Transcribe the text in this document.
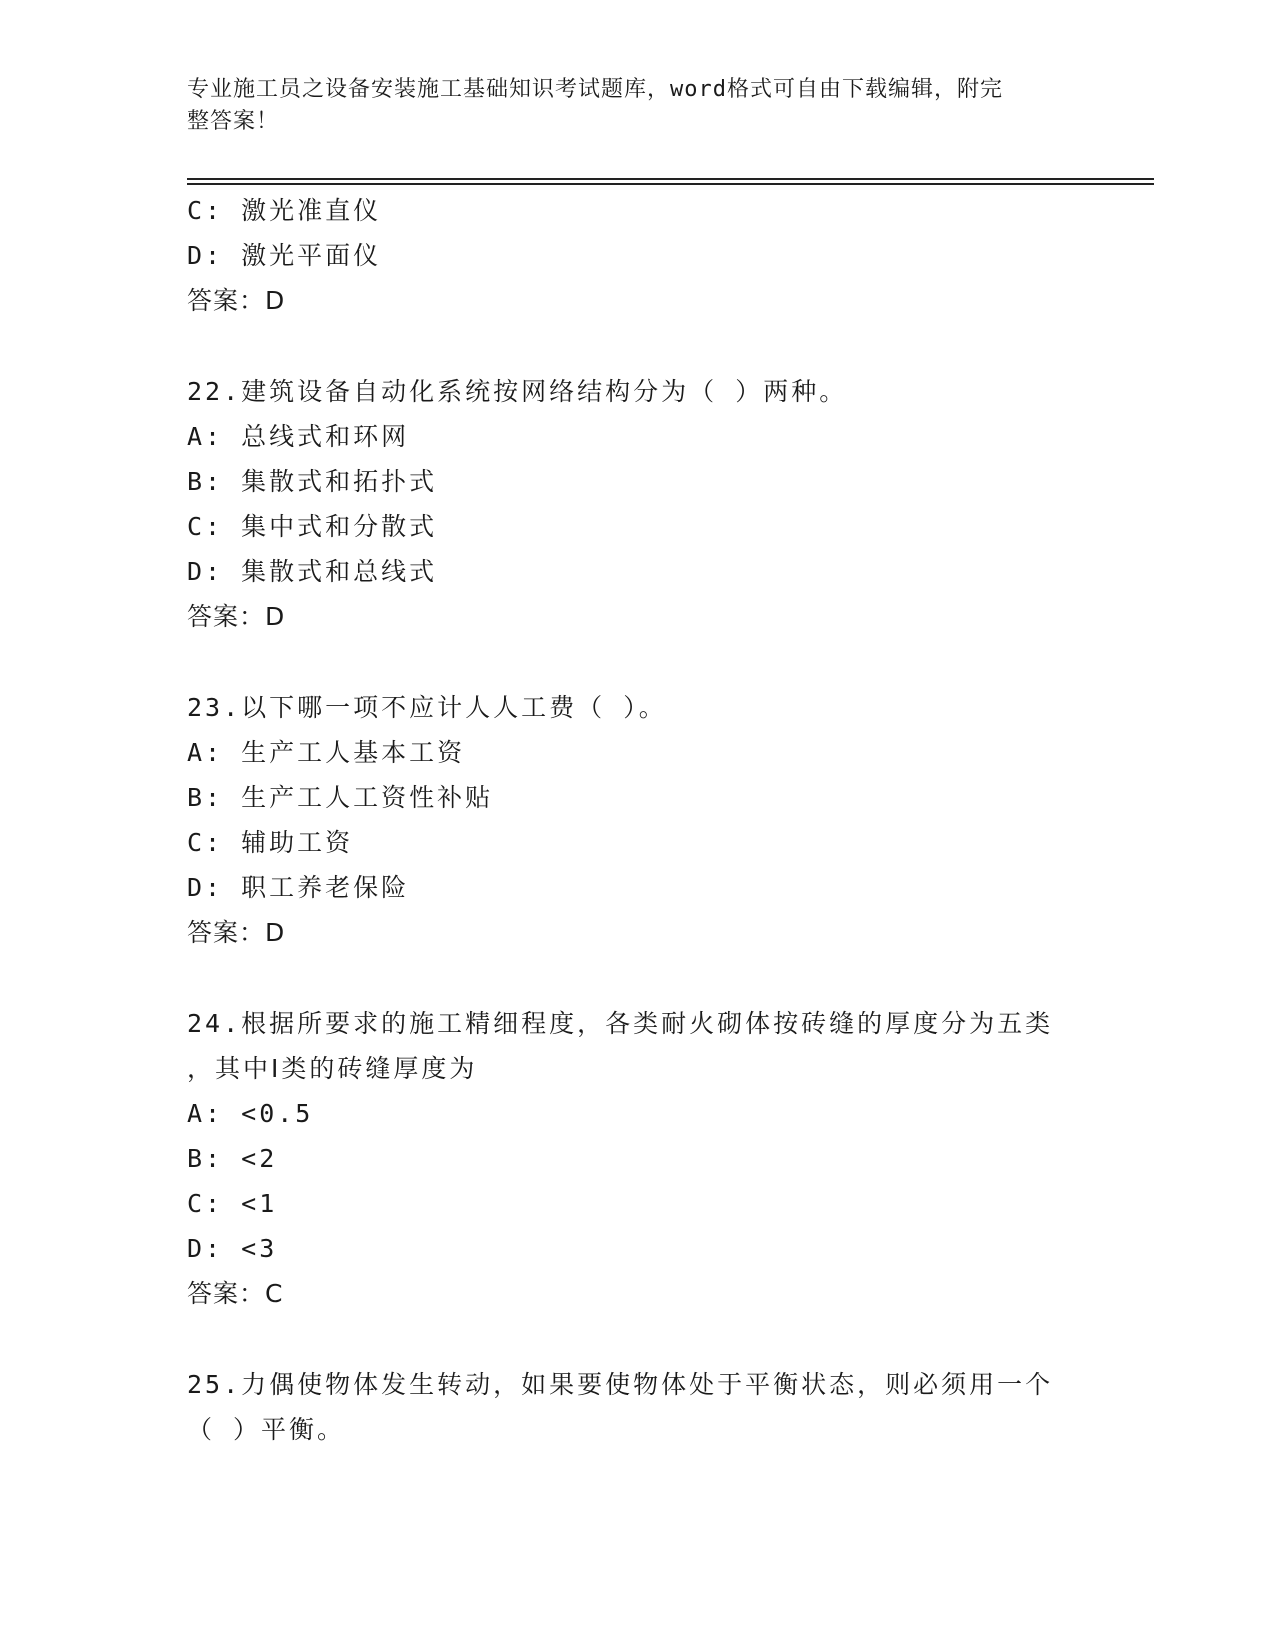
专业施工员之设备安装施工基础知识考试题库，word格式可自由下载编辑，附完
整答案！
C: 激光准直仪
D: 激光平面仪
答案：D
22.建筑设备自动化系统按网络结构分为（ ）两种。
A: 总线式和环网
B: 集散式和拓扑式
C: 集中式和分散式
D: 集散式和总线式
答案：D
23.以下哪一项不应计人人工费（ ）。
A: 生产工人基本工资
B: 生产工人工资性补贴
C: 辅助工资
D: 职工养老保险
答案：D
24.根据所要求的施工精细程度，各类耐火砌体按砖缝的厚度分为五类
，其中Ⅰ类的砖缝厚度为
A: <0.5
B: <2
C: <1
D: <3
答案：C
25.力偶使物体发生转动，如果要使物体处于平衡状态，则必须用一个
（ ）平衡。
